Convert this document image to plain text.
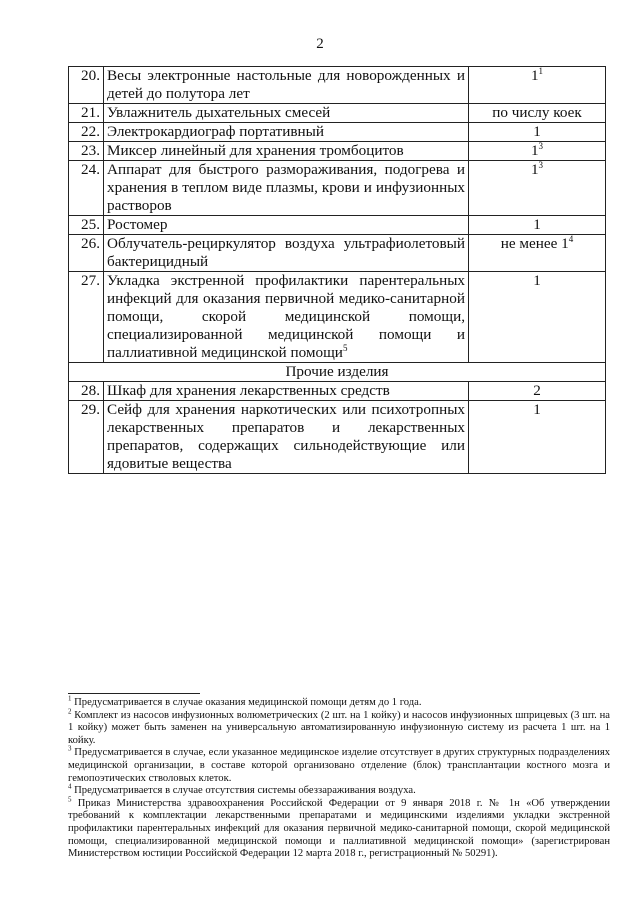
2
20.	Весы электронные настольные для новорожденных и детей до полутора лет	$1^1$
21.	Увлажнитель дыхательных смесей	по числу коек
22.	Электрокардиограф портативный	1
23.	Миксер линейный для хранения тромбоцитов	$1^3$
24.	Аппарат для быстрого размораживания, подогрева и хранения в теплом виде плазмы, крови и инфузионных растворов	$1^3$
25.	Ростомер	1
26.	Облучатель-рециркулятор воздуха ультрафиолетовый бактерицидный	не менее $1^4$
27.	Укладка экстренной профилактики парентеральных инфекций для оказания первичной медико-санитарной помощи, скорой медицинской помощи, специализированной медицинской помощи и паллиативной медицинской помощи$^5$	1
Прочие изделия		
28.	Шкаф для хранения лекарственных средств	2
29.	Сейф для хранения наркотических или психотропных лекарственных препаратов и лекарственных препаратов, содержащих сильнодействующие или ядовитые вещества	1
$^1$ Предусматривается в случае оказания медицинской помощи детям до 1 года.
$^2$ Комплект из насосов инфузионных волюметрических (2 шт. на 1 койку) и насосов инфузионных шприцевых (3 шт. на 1 койку) может быть заменен на универсальную автоматизированную инфузионную систему из расчета 1 шт. на 1 койку.
$^3$ Предусматривается в случае, если указанное медицинское изделие отсутствует в других структурных подразделениях медицинской организации, в составе которой организовано отделение (блок) трансплантации костного мозга и гемопоэтических стволовых клеток.
$^4$ Предусматривается в случае отсутствия системы обеззараживания воздуха.
$^5$ Приказ Министерства здравоохранения Российской Федерации от 9 января 2018 г. № 1н «Об утверждении требований к комплектации лекарственными препаратами и медицинскими изделиями укладки экстренной профилактики парентеральных инфекций для оказания первичной медико-санитарной помощи, скорой медицинской помощи, специализированной медицинской помощи и паллиативной медицинской помощи» (зарегистрирован Министерством юстиции Российской Федерации 12 марта 2018 г., регистрационный № 50291).
